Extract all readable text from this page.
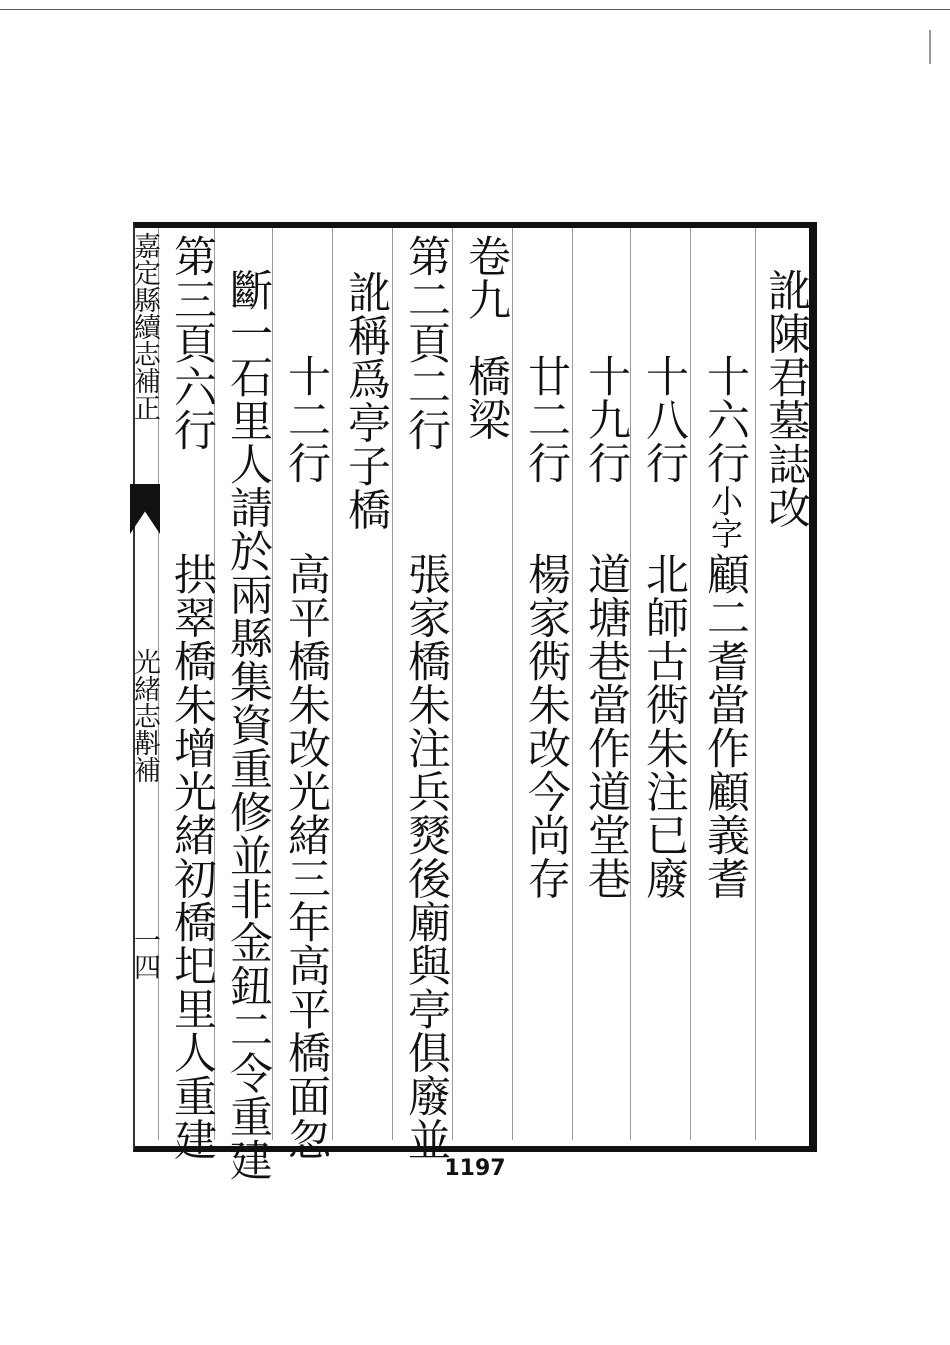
訛陳君墓誌改
十六行小字
顧二耆當作顧義耆
十八行
北師古衖朱注已廢
十九行
道塘巷當作道堂巷
廿二行
楊家衖朱改今尚存
卷九
橋梁
第二頁二行
張家橋朱注兵燹後廟與亭俱廢並
訛稱爲亭子橋
十二行
高平橋朱改光緒三年高平橋面忽
斷一石里人請於兩縣集資重修並非金鈕二令重建
第三頁六行
拱翠橋朱增光緒初橋圯里人重建
嘉定縣續志補正
光緒志斠補
一四
1197
